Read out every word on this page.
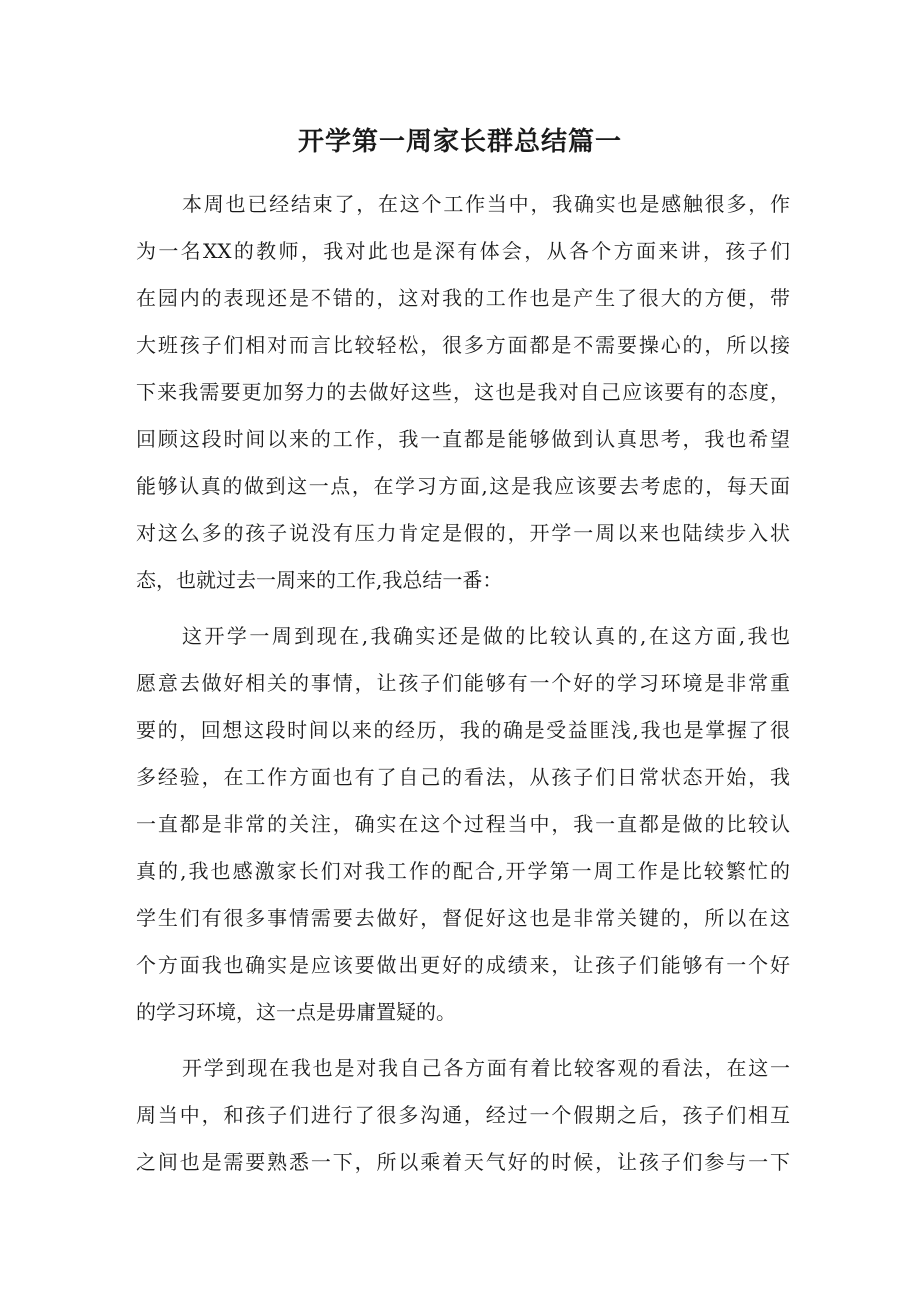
开学第一周家长群总结篇一
本周也已经结束了，在这个工作当中，我确实也是感触很多，作
为一名XX的教师，我对此也是深有体会，从各个方面来讲，孩子们
在园内的表现还是不错的，这对我的工作也是产生了很大的方便，带
大班孩子们相对而言比较轻松，很多方面都是不需要操心的，所以接
下来我需要更加努力的去做好这些，这也是我对自己应该要有的态度，
回顾这段时间以来的工作，我一直都是能够做到认真思考，我也希望
能够认真的做到这一点，在学习方面,这是我应该要去考虑的，每天面
对这么多的孩子说没有压力肯定是假的，开学一周以来也陆续步入状
态，也就过去一周来的工作,我总结一番：
这开学一周到现在,我确实还是做的比较认真的,在这方面,我也
愿意去做好相关的事情，让孩子们能够有一个好的学习环境是非常重
要的，回想这段时间以来的经历，我的确是受益匪浅,我也是掌握了很
多经验，在工作方面也有了自己的看法，从孩子们日常状态开始，我
一直都是非常的关注，确实在这个过程当中，我一直都是做的比较认
真的,我也感激家长们对我工作的配合,开学第一周工作是比较繁忙的
学生们有很多事情需要去做好，督促好这也是非常关键的，所以在这
个方面我也确实是应该要做出更好的成绩来，让孩子们能够有一个好
的学习环境，这一点是毋庸置疑的。
开学到现在我也是对我自己各方面有着比较客观的看法，在这一
周当中，和孩子们进行了很多沟通，经过一个假期之后，孩子们相互
之间也是需要熟悉一下，所以乘着天气好的时候，让孩子们参与一下
